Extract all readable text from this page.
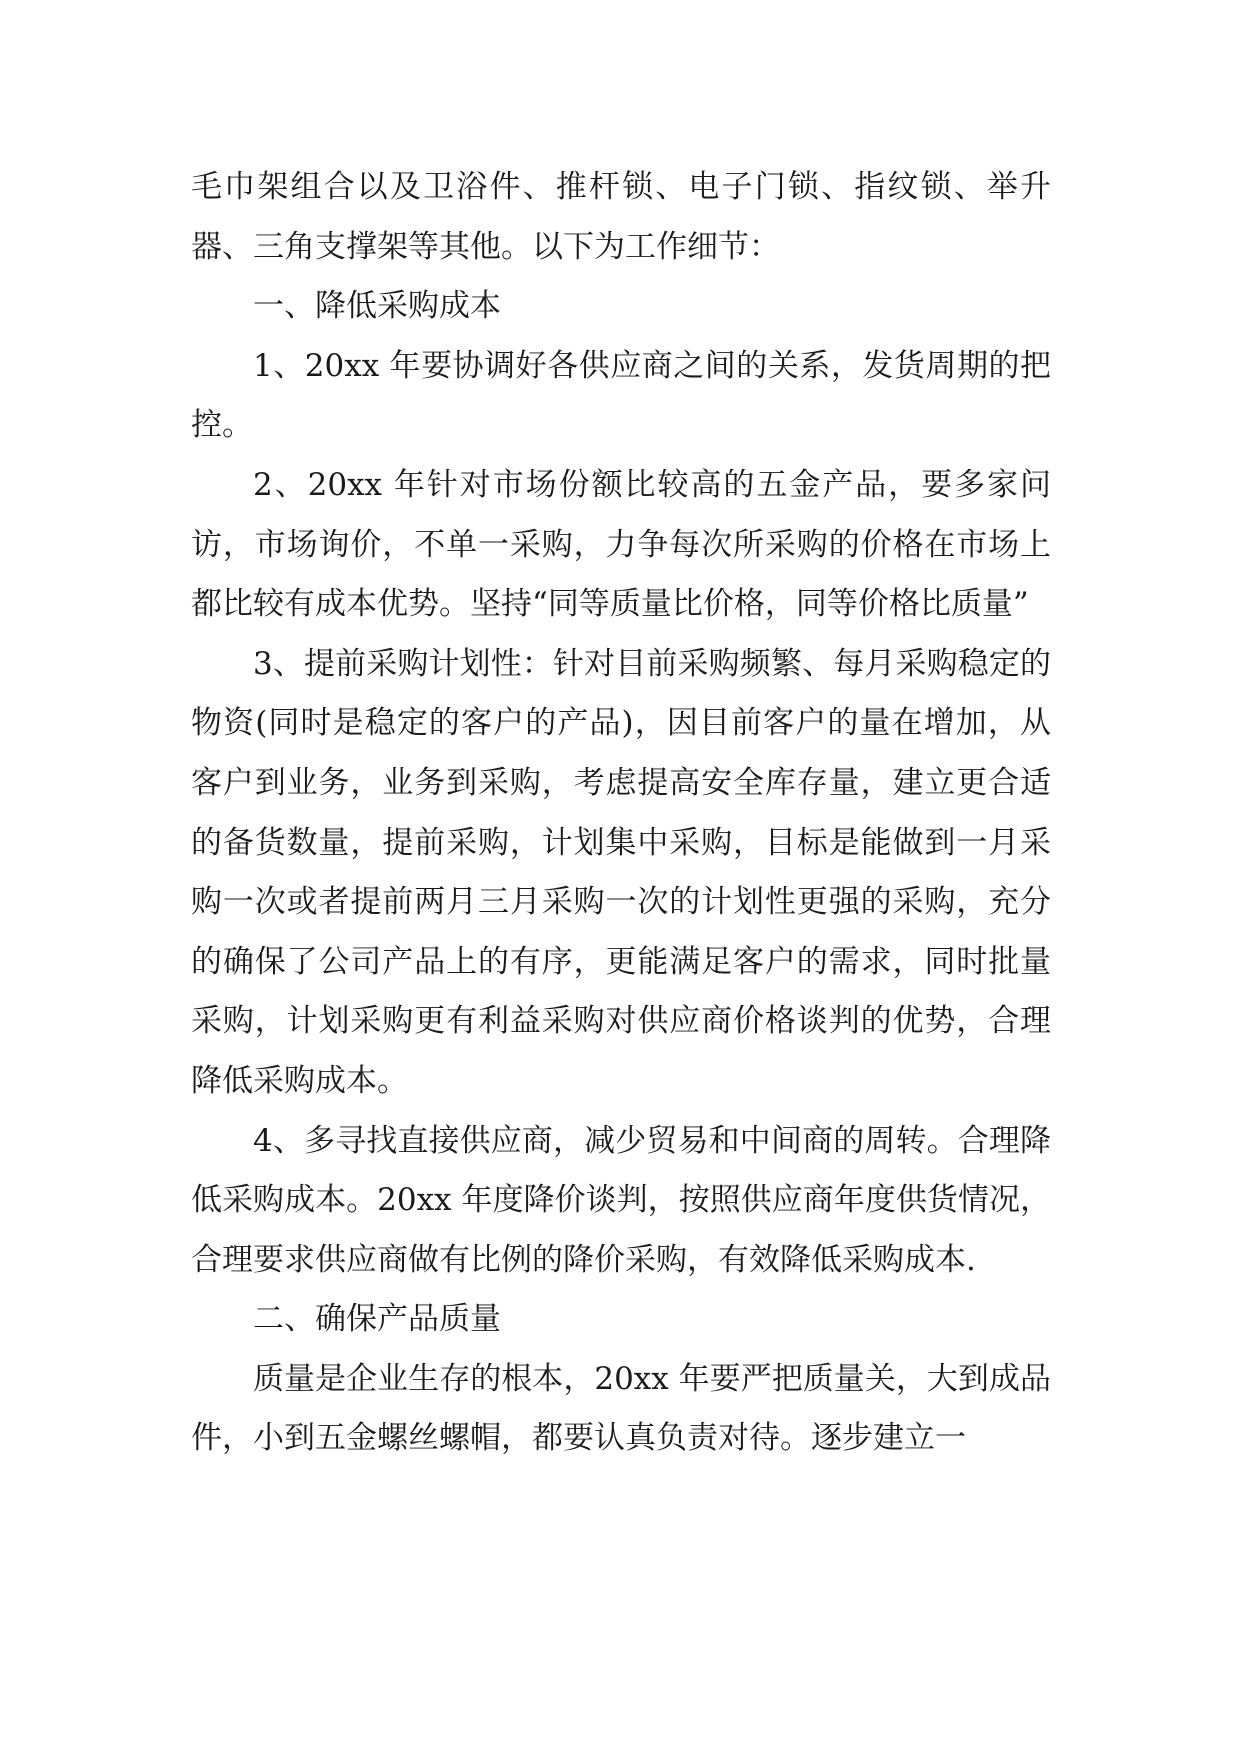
毛巾架组合以及卫浴件、推杆锁、电子门锁、指纹锁、举升器、三角支撑架等其他。以下为工作细节：

一、降低采购成本

1、20xx 年要协调好各供应商之间的关系，发货周期的把控。

2、20xx 年针对市场份额比较高的五金产品，要多家问访，市场询价，不单一采购，力争每次所采购的价格在市场上都比较有成本优势。坚持“同等质量比价格，同等价格比质量”

3、提前采购计划性：针对目前采购频繁、每月采购稳定的物资(同时是稳定的客户的产品)，因目前客户的量在增加，从客户到业务，业务到采购，考虑提高安全库存量，建立更合适的备货数量，提前采购，计划集中采购，目标是能做到一月采购一次或者提前两月三月采购一次的计划性更强的采购，充分的确保了公司产品上的有序，更能满足客户的需求，同时批量采购，计划采购更有利益采购对供应商价格谈判的优势，合理降低采购成本。

4、多寻找直接供应商，减少贸易和中间商的周转。合理降低采购成本。20xx 年度降价谈判，按照供应商年度供货情况，合理要求供应商做有比例的降价采购，有效降低采购成本.

二、确保产品质量

质量是企业生存的根本，20xx 年要严把质量关，大到成品件，小到五金螺丝螺帽，都要认真负责对待。逐步建立一
